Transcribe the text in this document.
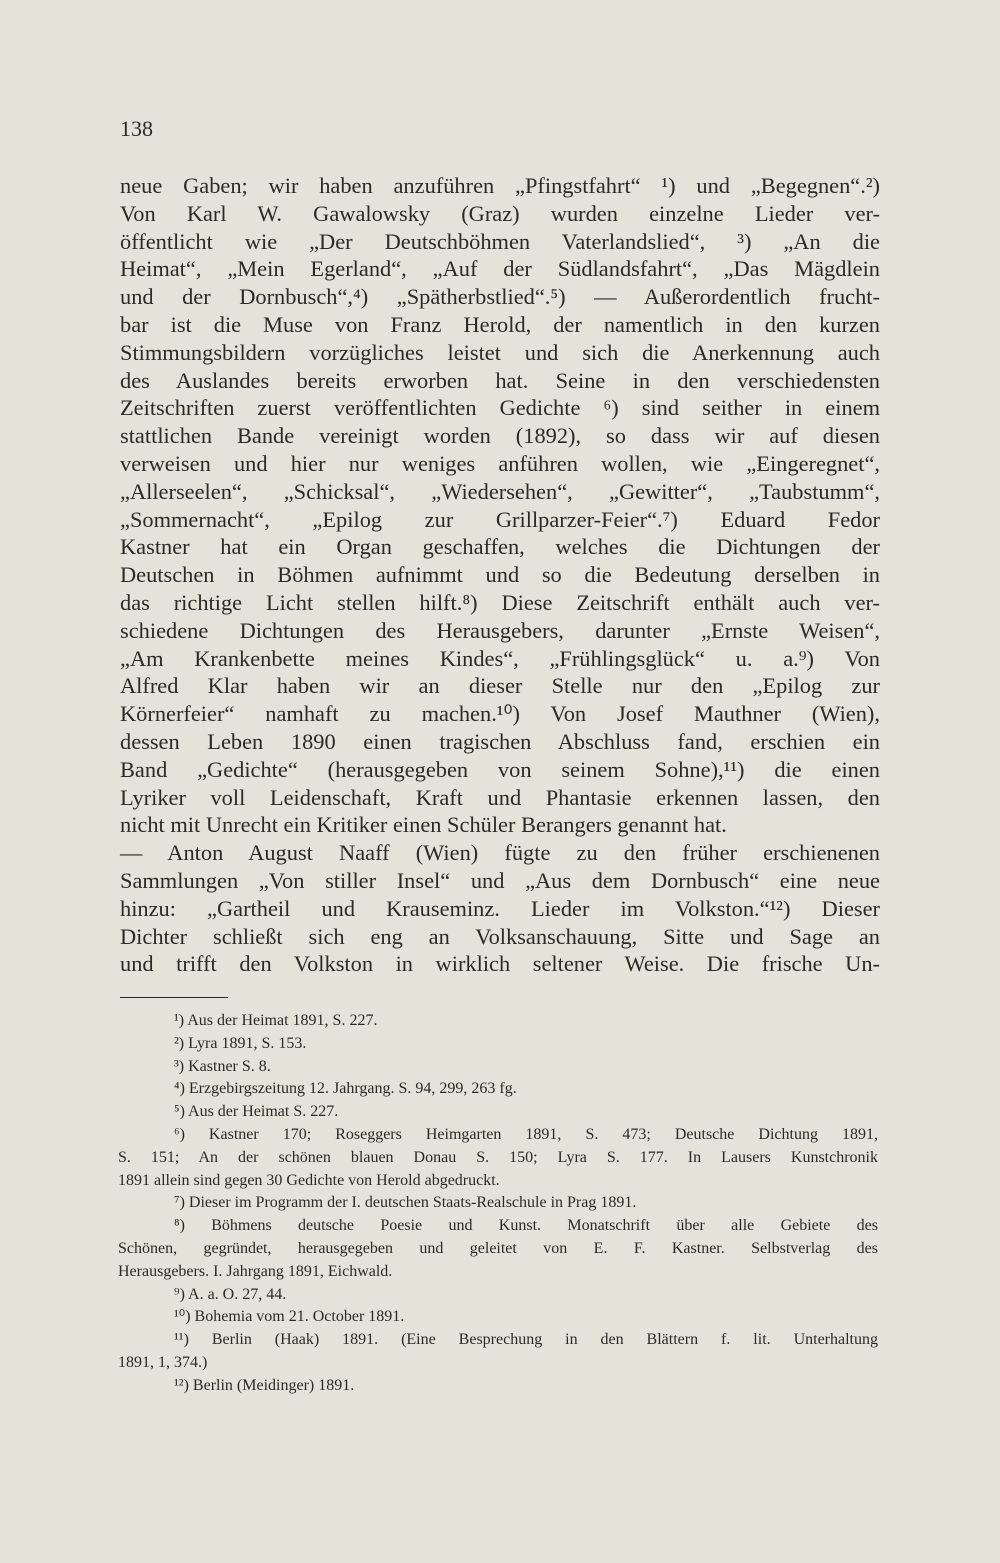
138
neue Gaben; wir haben anzuführen „Pfingstfahrt“ ¹) und „Begegnen“.²)
Von Karl W. Gawalowsky (Graz) wurden einzelne Lieder ver-
öffentlicht wie „Der Deutschböhmen Vaterlandslied“, ³) „An die
Heimat“, „Mein Egerland“, „Auf der Südlandsfahrt“, „Das Mägdlein
und der Dornbusch“,⁴) „Spätherbstlied“.⁵) — Außerordentlich frucht-
bar ist die Muse von Franz Herold, der namentlich in den kurzen
Stimmungsbildern vorzügliches leistet und sich die Anerkennung auch
des Auslandes bereits erworben hat. Seine in den verschiedensten
Zeitschriften zuerst veröffentlichten Gedichte ⁶) sind seither in einem
stattlichen Bande vereinigt worden (1892), so dass wir auf diesen
verweisen und hier nur weniges anführen wollen, wie „Eingeregnet“,
„Allerseelen“, „Schicksal“, „Wiedersehen“, „Gewitter“, „Taubstumm“,
„Sommernacht“, „Epilog zur Grillparzer-Feier“.⁷) Eduard Fedor
Kastner hat ein Organ geschaffen, welches die Dichtungen der
Deutschen in Böhmen aufnimmt und so die Bedeutung derselben in
das richtige Licht stellen hilft.⁸) Diese Zeitschrift enthält auch ver-
schiedene Dichtungen des Herausgebers, darunter „Ernste Weisen“,
„Am Krankenbette meines Kindes“, „Frühlingsglück“ u. a.⁹) Von
Alfred Klar haben wir an dieser Stelle nur den „Epilog zur
Körnerfeier“ namhaft zu machen.¹⁰) Von Josef Mauthner (Wien),
dessen Leben 1890 einen tragischen Abschluss fand, erschien ein
Band „Gedichte“ (herausgegeben von seinem Sohne),¹¹) die einen
Lyriker voll Leidenschaft, Kraft und Phantasie erkennen lassen, den
nicht mit Unrecht ein Kritiker einen Schüler Berangers genannt hat.
— Anton August Naaff (Wien) fügte zu den früher erschienenen
Sammlungen „Von stiller Insel“ und „Aus dem Dornbusch“ eine neue
hinzu: „Gartheil und Krauseminz. Lieder im Volkston.“¹²) Dieser
Dichter schließt sich eng an Volksanschauung, Sitte und Sage an
und trifft den Volkston in wirklich seltener Weise. Die frische Un-
¹) Aus der Heimat 1891, S. 227.
²) Lyra 1891, S. 153.
³) Kastner S. 8.
⁴) Erzgebirgszeitung 12. Jahrgang. S. 94, 299, 263 fg.
⁵) Aus der Heimat S. 227.
⁶) Kastner 170; Roseggers Heimgarten 1891, S. 473; Deutsche Dichtung 1891,
S. 151; An der schönen blauen Donau S. 150; Lyra S. 177. In Lausers Kunstchronik
1891 allein sind gegen 30 Gedichte von Herold abgedruckt.
⁷) Dieser im Programm der I. deutschen Staats-Realschule in Prag 1891.
⁸) Böhmens deutsche Poesie und Kunst. Monatschrift über alle Gebiete des
Schönen, gegründet, herausgegeben und geleitet von E. F. Kastner. Selbstverlag des
Herausgebers. I. Jahrgang 1891, Eichwald.
⁹) A. a. O. 27, 44.
¹⁰) Bohemia vom 21. October 1891.
¹¹) Berlin (Haak) 1891. (Eine Besprechung in den Blättern f. lit. Unterhaltung
1891, 1, 374.)
¹²) Berlin (Meidinger) 1891.
